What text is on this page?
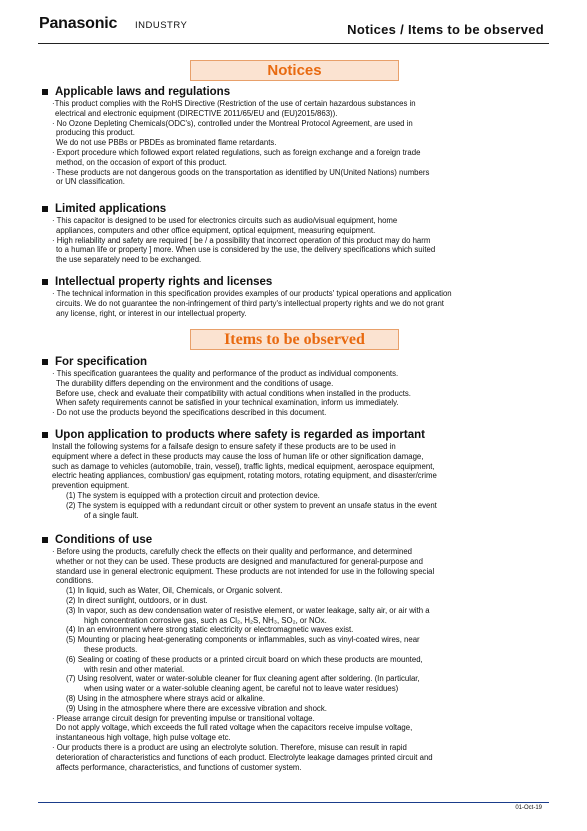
Panasonic INDUSTRY	Notices / Items to be observed
Notices
Applicable laws and regulations
·This product complies with the RoHS Directive (Restriction of the use of certain hazardous substances in
electrical and electronic equipment (DIRECTIVE 2011/65/EU and (EU)2015/863)).
· No Ozone Depleting Chemicals(ODC's), controlled under the Montreal Protocol Agreement, are used in
producing this product.
We do not use PBBs or PBDEs as brominated flame retardants.
· Export procedure which followed export related regulations, such as foreign exchange and a foreign trade
method, on the occasion of export of this product.
· These products are not dangerous goods on the transportation as identified by UN(United Nations) numbers
or UN classification.
Limited applications
· This capacitor is designed to be used for electronics circuits such as audio/visual equipment, home
appliances, computers and other office equipment, optical equipment, measuring equipment.
· High reliability and safety are required [ be / a possibility that incorrect operation of this product may do harm
to a human life or property ] more. When use is considered by the use, the delivery specifications which suited
the use separately need to be exchanged.
Intellectual property rights and licenses
· The technical information in this specification provides examples of our products' typical operations and application
circuits. We do not guarantee the non-infringement of third party's intellectual property rights and we do not grant
any license, right, or interest in our intellectual property.
Items to be observed
For specification
· This specification guarantees the quality and performance of the product as individual components.
The durability differs depending on the environment and the conditions of usage.
Before use, check and evaluate their compatibility with actual conditions when installed in the products.
When safety requirements cannot be satisfied in your technical examination, inform us immediately.
· Do not use the products beyond the specifications described in this document.
Upon application to products where safety is regarded as important
Install the following systems for a failsafe design to ensure safety if these products are to be used in
equipment where a defect in these products may cause the loss of human life or other signification damage,
such as damage to vehicles (automobile, train, vessel), traffic lights, medical equipment, aerospace equipment,
electric heating appliances, combustion/ gas equipment, rotating motors, rotating equipment, and disaster/crime
prevention equipment.
(1) The system is equipped with a protection circuit and protection device.
(2) The system is equipped with a redundant circuit or other system to prevent an unsafe status in the event
of a single fault.
Conditions of use
· Before using the products, carefully check the effects on their quality and performance, and determined
whether or not they can be used. These products are designed and manufactured for general-purpose and
standard use in general electronic equipment. These products are not intended for use in the following special
conditions.
(1) In liquid, such as Water, Oil, Chemicals, or Organic solvent.
(2) In direct sunlight, outdoors, or in dust.
(3) In vapor, such as dew condensation water of resistive element, or water leakage, salty air, or air with a
high concentration corrosive gas, such as Cl₂, H₂S, NH₃, SO₂, or NOx.
(4) In an environment where strong static electricity or electromagnetic waves exist.
(5) Mounting or placing heat-generating components or inflammables, such as vinyl-coated wires, near
these products.
(6) Sealing or coating of these products or a printed circuit board on which these products are mounted,
with resin and other material.
(7) Using resolvent, water or water-soluble cleaner for flux cleaning agent after soldering. (In particular,
when using water or a water-soluble cleaning agent, be careful not to leave water residues)
(8) Using in the atmosphere where strays acid or alkaline.
(9) Using in the atmosphere where there are excessive vibration and shock.
· Please arrange circuit design for preventing impulse or transitional voltage.
Do not apply voltage, which exceeds the full rated voltage when the capacitors receive impulse voltage,
instantaneous high voltage, high pulse voltage etc.
· Our products there is a product are using an electrolyte solution. Therefore, misuse can result in rapid
deterioration of characteristics and functions of each product. Electrolyte leakage damages printed circuit and
affects performance, characteristics, and functions of customer system.
01-Oct-19
